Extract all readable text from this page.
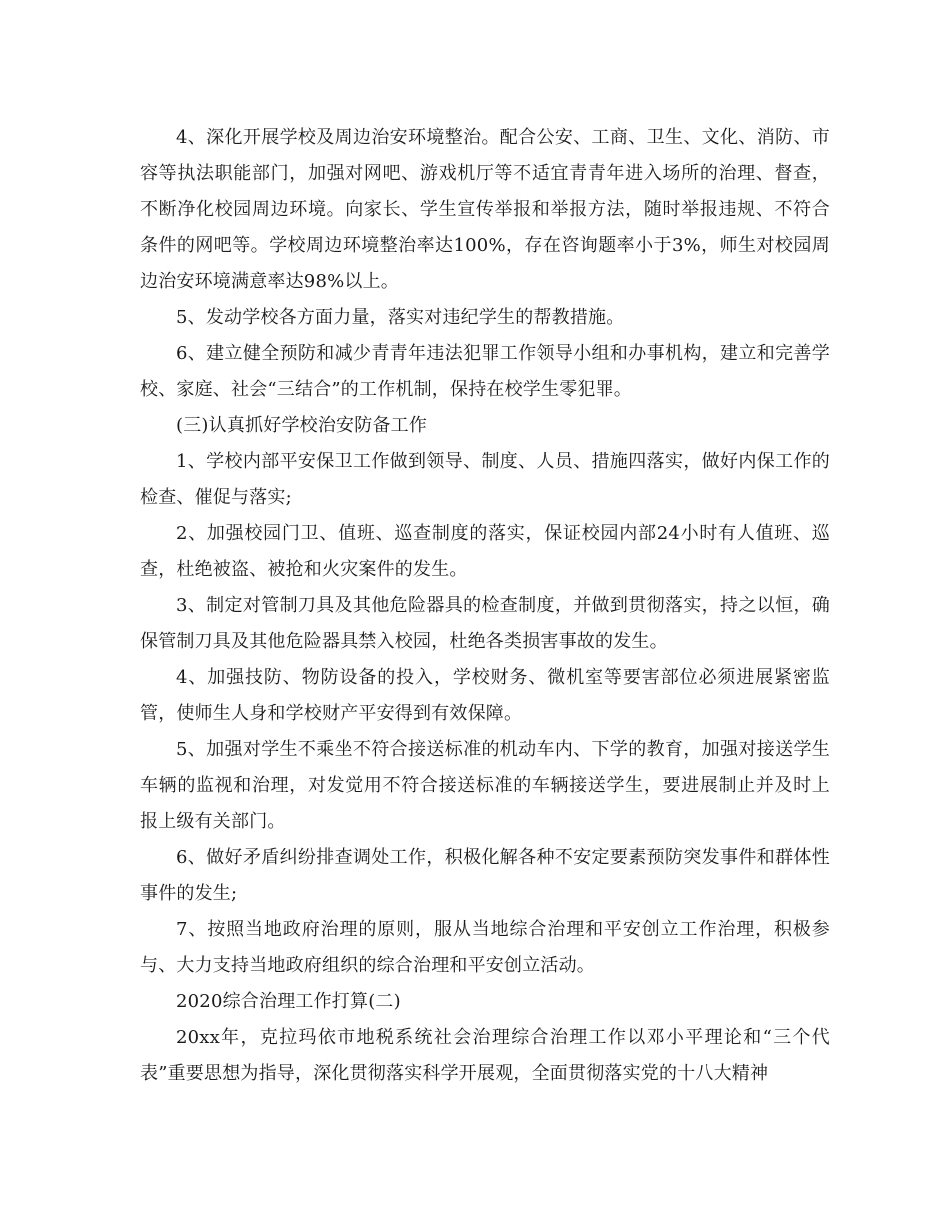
4、深化开展学校及周边治安环境整治。配合公安、工商、卫生、文化、消防、市容等执法职能部门，加强对网吧、游戏机厅等不适宜青青年进入场所的治理、督查，不断净化校园周边环境。向家长、学生宣传举报和举报方法，随时举报违规、不符合条件的网吧等。学校周边环境整治率达100%，存在咨询题率小于3%，师生对校园周边治安环境满意率达98%以上。

5、发动学校各方面力量，落实对违纪学生的帮教措施。

6、建立健全预防和减少青青年违法犯罪工作领导小组和办事机构，建立和完善学校、家庭、社会“三结合”的工作机制，保持在校学生零犯罪。

(三)认真抓好学校治安防备工作

1、学校内部平安保卫工作做到领导、制度、人员、措施四落实，做好内保工作的检查、催促与落实;

2、加强校园门卫、值班、巡查制度的落实，保证校园内部24小时有人值班、巡查，杜绝被盗、被抢和火灾案件的发生。

3、制定对管制刀具及其他危险器具的检查制度，并做到贯彻落实，持之以恒，确保管制刀具及其他危险器具禁入校园，杜绝各类损害事故的发生。

4、加强技防、物防设备的投入，学校财务、微机室等要害部位必须进展紧密监管，使师生人身和学校财产平安得到有效保障。

5、加强对学生不乘坐不符合接送标准的机动车内、下学的教育，加强对接送学生车辆的监视和治理，对发觉用不符合接送标准的车辆接送学生，要进展制止并及时上报上级有关部门。

6、做好矛盾纠纷排查调处工作，积极化解各种不安定要素预防突发事件和群体性事件的发生;

7、按照当地政府治理的原则，服从当地综合治理和平安创立工作治理，积极参与、大力支持当地政府组织的综合治理和平安创立活动。

2020综合治理工作打算(二)

20xx年，克拉玛依市地税系统社会治理综合治理工作以邓小平理论和“三个代表”重要思想为指导，深化贯彻落实科学开展观，全面贯彻落实党的十八大精神
